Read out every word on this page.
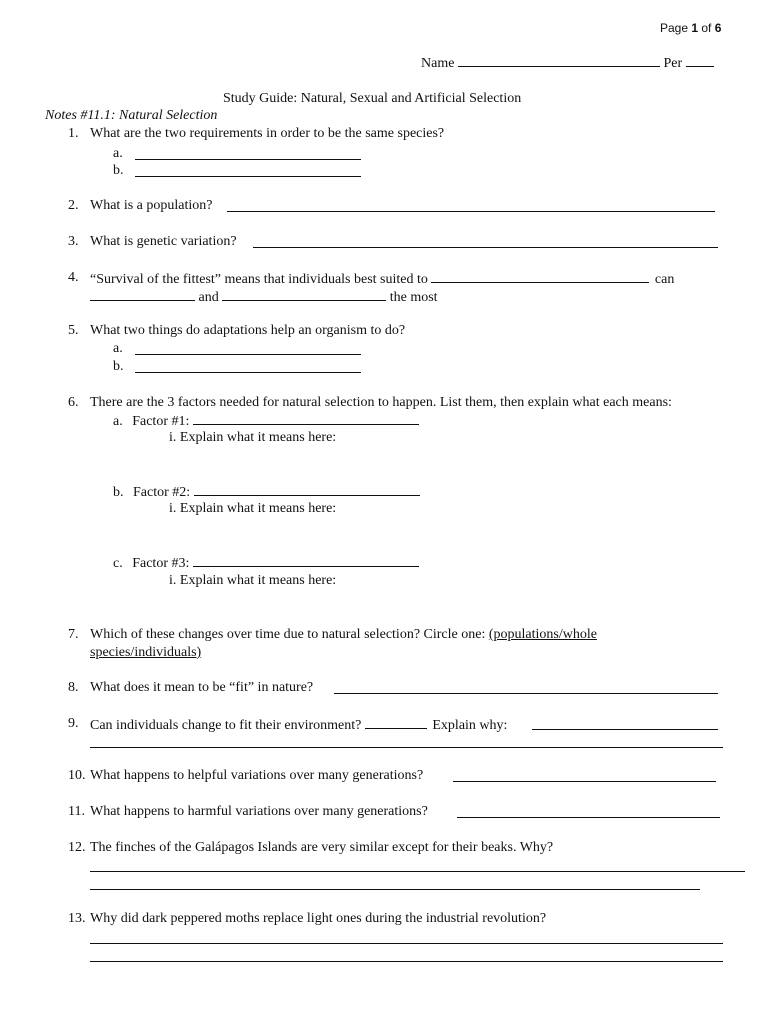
Page 1 of 6
Name	Per
Study Guide: Natural, Sexual and Artificial Selection
Notes #11.1: Natural Selection
1. What are the two requirements in order to be the same species?
a.
b.
2. What is a population?
3. What is genetic variation?
4. “Survival of the fittest” means that individuals best suited to	can
and	the most
5. What two things do adaptations help an organism to do?
a.
b.
6. There are the 3 factors needed for natural selection to happen. List them, then explain what each means:
a. Factor #1:
i. Explain what it means here:
b. Factor #2:
i. Explain what it means here:
c. Factor #3:
i. Explain what it means here:
7. Which of these changes over time due to natural selection? Circle one: (populations/whole
species/individuals)
8. What does it mean to be “fit” in nature?
9. Can individuals change to fit their environment?	Explain why:
10. What happens to helpful variations over many generations?
11. What happens to harmful variations over many generations?
12. The finches of the Galápagos Islands are very similar except for their beaks. Why?
13. Why did dark peppered moths replace light ones during the industrial revolution?
